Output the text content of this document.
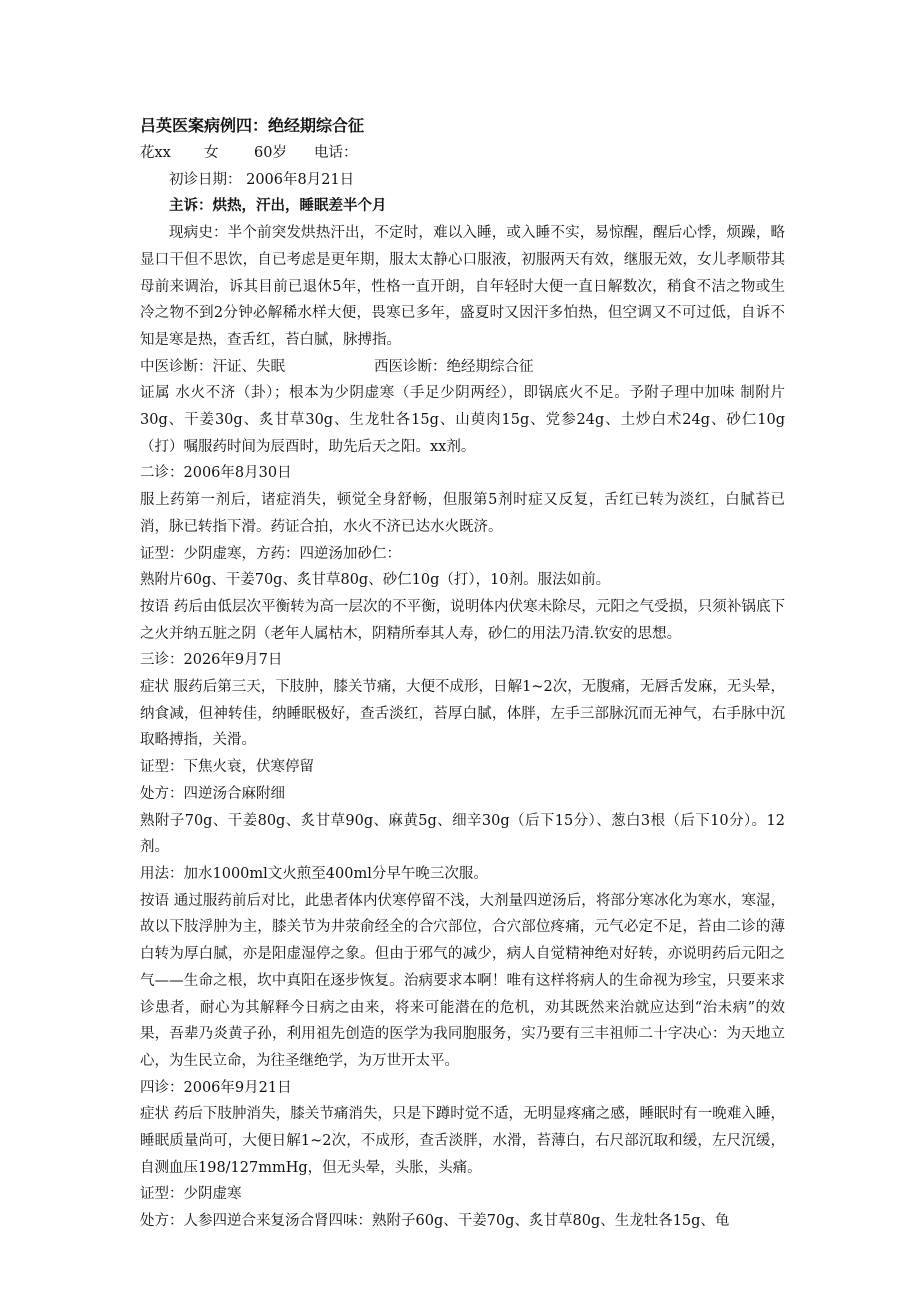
吕英医案病例四：绝经期综合征
花xx 女 60岁 电话：
初诊日期： 2006年8月21日
主诉：烘热，汗出，睡眠差半个月
现病史：半个前突发烘热汗出，不定时，难以入睡，或入睡不实，易惊醒，醒后心悸，烦躁，略显口干但不思饮，自已考虑是更年期，服太太静心口服液，初服两天有效，继服无效，女儿孝顺带其母前来调治，诉其目前已退休5年，性格一直开朗，自年轻时大便一直日解数次，稍食不洁之物或生冷之物不到2分钟必解稀水样大便，畏寒已多年，盛夏时又因汗多怕热，但空调又不可过低，自诉不知是寒是热，查舌红，苔白腻，脉搏指。
中医诊断：汗证、失眠	西医诊断：绝经期综合征
证属 水火不济（卦）；根本为少阴虚寒（手足少阴两经），即锅底火不足。予附子理中加味 制附片30g、干姜30g、炙甘草30g、生龙牡各15g、山萸肉15g、党参24g、土炒白术24g、砂仁10g（打）嘱服药时间为辰酉时，助先后天之阳。xx剂。
二诊：2006年8月30日
服上药第一剂后，诸症消失，顿觉全身舒畅，但服第5剂时症又反复，舌红已转为淡红，白腻苔已消，脉已转指下滑。药证合拍，水火不济已达水火既济。
证型：少阴虚寒，方药：四逆汤加砂仁：
熟附片60g、干姜70g、炙甘草80g、砂仁10g（打），10剂。服法如前。
按语 药后由低层次平衡转为高一层次的不平衡，说明体内伏寒未除尽，元阳之气受损，只须补锅底下之火并纳五脏之阴（老年人属枯木，阴精所奉其人寿，砂仁的用法乃清.钦安的思想。
三诊：2026年9月7日
症状 服药后第三天，下肢肿，膝关节痛，大便不成形，日解1~2次，无腹痛，无唇舌发麻，无头晕，纳食减，但神转佳，纳睡眠极好，查舌淡红，苔厚白腻，体胖，左手三部脉沉而无神气，右手脉中沉取略搏指，关滑。
证型：下焦火衰，伏寒停留
处方：四逆汤合麻附细
熟附子70g、干姜80g、炙甘草90g、麻黄5g、细辛30g（后下15分）、葱白3根（后下10分）。12剂。
用法：加水1000ml文火煎至400ml分早午晚三次服。
按语 通过服药前后对比，此患者体内伏寒停留不浅，大剂量四逆汤后，将部分寒冰化为寒水，寒湿，故以下肢浮肿为主，膝关节为井荥俞经全的合穴部位，合穴部位疼痛，元气必定不足，苔由二诊的薄白转为厚白腻，亦是阳虚湿停之象。但由于邪气的减少，病人自觉精神绝对好转，亦说明药后元阳之气——生命之根，坎中真阳在逐步恢复。治病要求本啊！唯有这样将病人的生命视为珍宝，只要来求诊患者，耐心为其解释今日病之由来，将来可能潜在的危机，劝其既然来治就应达到“治未病”的效果，吾辈乃炎黄子孙，利用祖先创造的医学为我同胞服务，实乃要有三丰祖师二十字决心：为天地立心，为生民立命，为往圣继绝学，为万世开太平。
四诊：2006年9月21日
症状 药后下肢肿消失，膝关节痛消失，只是下蹲时觉不适，无明显疼痛之感，睡眠时有一晚难入睡，睡眠质量尚可，大便日解1~2次，不成形，查舌淡胖，水滑，苔薄白，右尺部沉取和缓，左尺沉缓，自测血压198/127mmHg，但无头晕，头胀，头痛。
证型：少阴虚寒
处方：人参四逆合来复汤合肾四味：熟附子60g、干姜70g、炙甘草80g、生龙牡各15g、龟
